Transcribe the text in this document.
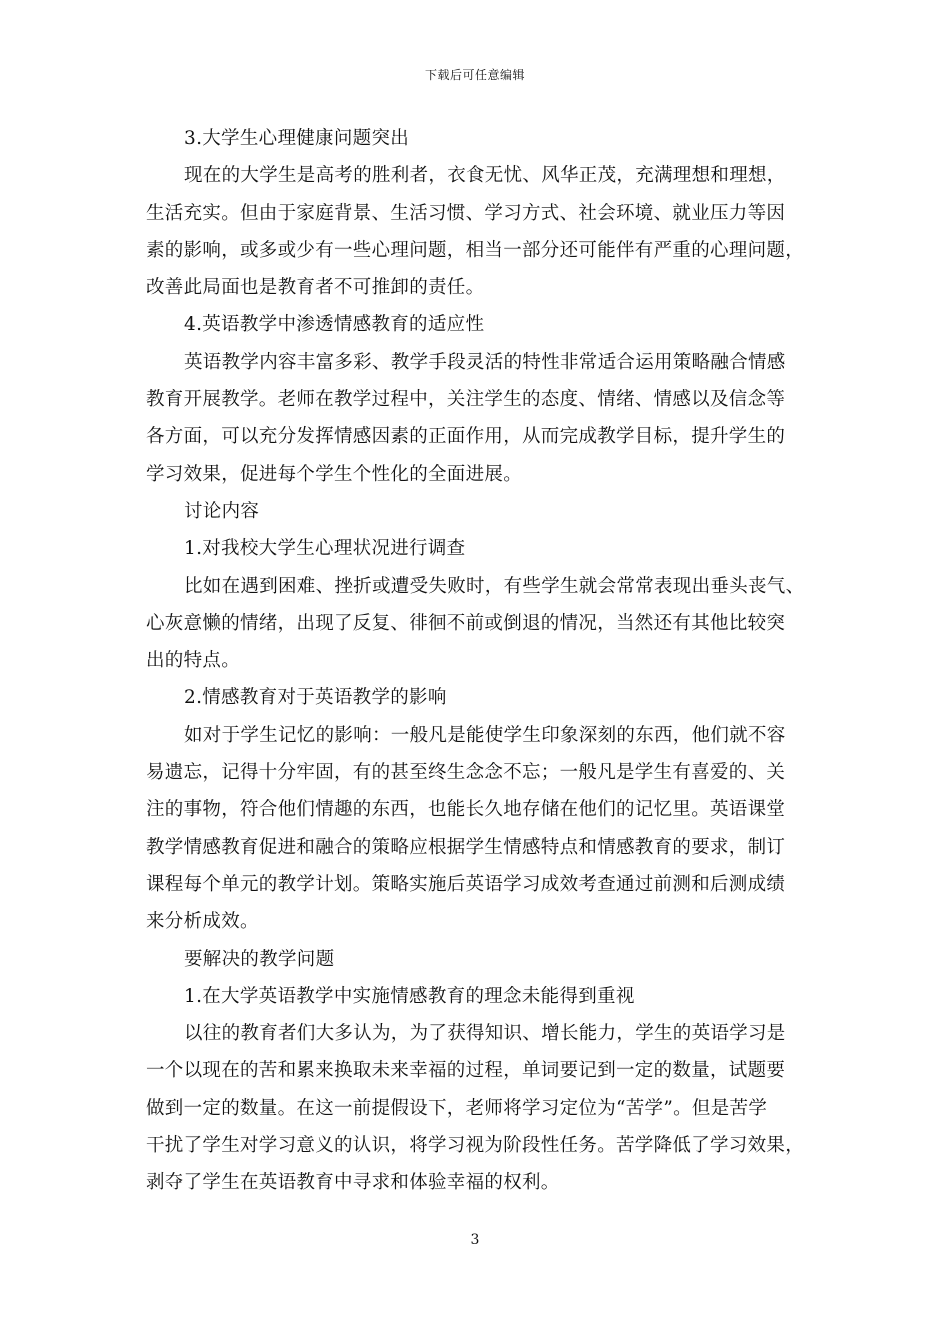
下载后可任意编辑
3.大学生心理健康问题突出
现在的大学生是高考的胜利者，衣食无忧、风华正茂，充满理想和理想，
生活充实。但由于家庭背景、生活习惯、学习方式、社会环境、就业压力等因
素的影响，或多或少有一些心理问题，相当一部分还可能伴有严重的心理问题，
改善此局面也是教育者不可推卸的责任。
4.英语教学中渗透情感教育的适应性
英语教学内容丰富多彩、教学手段灵活的特性非常适合运用策略融合情感
教育开展教学。老师在教学过程中，关注学生的态度、情绪、情感以及信念等
各方面，可以充分发挥情感因素的正面作用，从而完成教学目标，提升学生的
学习效果，促进每个学生个性化的全面进展。
讨论内容
1.对我校大学生心理状况进行调查
比如在遇到困难、挫折或遭受失败时，有些学生就会常常表现出垂头丧气、
心灰意懒的情绪，出现了反复、徘徊不前或倒退的情况，当然还有其他比较突
出的特点。
2.情感教育对于英语教学的影响
如对于学生记忆的影响：一般凡是能使学生印象深刻的东西，他们就不容
易遗忘，记得十分牢固，有的甚至终生念念不忘；一般凡是学生有喜爱的、关
注的事物，符合他们情趣的东西，也能长久地存储在他们的记忆里。英语课堂
教学情感教育促进和融合的策略应根据学生情感特点和情感教育的要求，制订
课程每个单元的教学计划。策略实施后英语学习成效考查通过前测和后测成绩
来分析成效。
要解决的教学问题
1.在大学英语教学中实施情感教育的理念未能得到重视
以往的教育者们大多认为，为了获得知识、增长能力，学生的英语学习是
一个以现在的苦和累来换取未来幸福的过程，单词要记到一定的数量，试题要
做到一定的数量。在这一前提假设下，老师将学习定位为“苦学”。但是苦学
干扰了学生对学习意义的认识，将学习视为阶段性任务。苦学降低了学习效果，
剥夺了学生在英语教育中寻求和体验幸福的权利。
3
